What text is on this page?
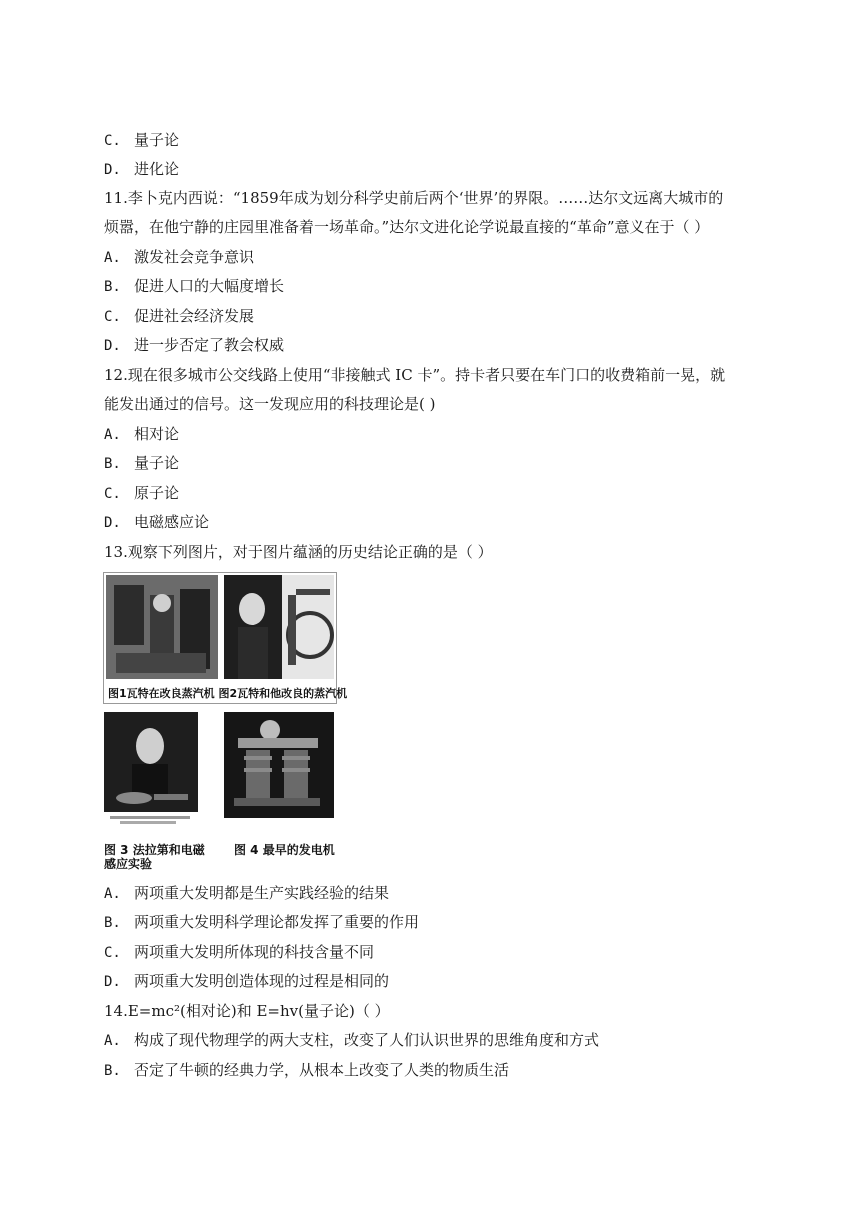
C. 量子论
D. 进化论
11.李卜克内西说：“1859年成为划分科学史前后两个‘世界’的界限。……达尔文远离大城市的
烦嚣，在他宁静的庄园里准备着一场革命。”达尔文进化论学说最直接的“革命”意义在于（ ）
A. 激发社会竞争意识
B. 促进人口的大幅度增长
C. 促进社会经济发展
D. 进一步否定了教会权威
12.现在很多城市公交线路上使用“非接触式 IC 卡”。持卡者只要在车门口的收费箱前一晃，就
能发出通过的信号。这一发现应用的科技理论是( )
A. 相对论
B. 量子论
C. 原子论
D. 电磁感应论
13.观察下列图片，对于图片蕴涵的历史结论正确的是（ ）
图1瓦特在改良蒸汽机 图2瓦特和他改良的蒸汽机
图 3 法拉第和电磁
感应实验
图 4 最早的发电机
A. 两项重大发明都是生产实践经验的结果
B. 两项重大发明科学理论都发挥了重要的作用
C. 两项重大发明所体现的科技含量不同
D. 两项重大发明创造体现的过程是相同的
14.E=mc²(相对论)和 E=hv(量子论)（ ）
A. 构成了现代物理学的两大支柱，改变了人们认识世界的思维角度和方式
B. 否定了牛顿的经典力学，从根本上改变了人类的物质生活
